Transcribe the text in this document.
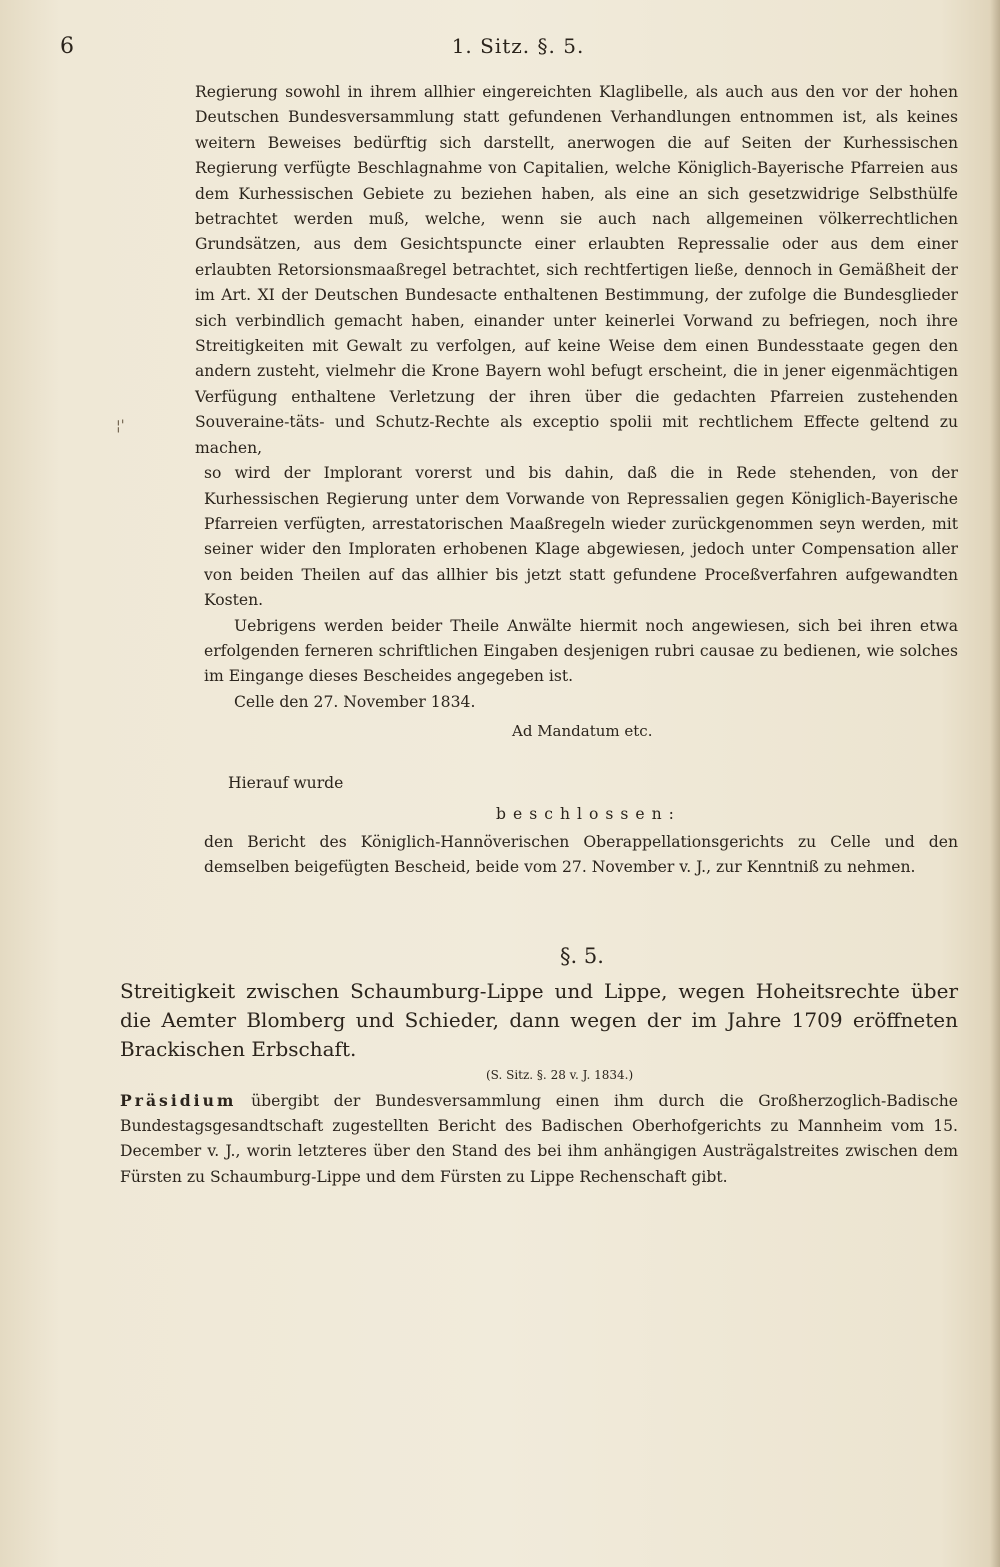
6	1. Sitz. §. 5.
¦'

Regierung sowohl in ihrem allhier eingereichten Klaglibelle, als auch aus den vor der hohen Deutschen Bundesversammlung statt gefundenen Verhandlungen entnommen ist, als keines weitern Beweises bedürftig sich darstellt, anerwogen die auf Seiten der Kurhessischen Regierung verfügte Beschlagnahme von Capitalien, welche Königlich-Bayerische Pfarreien aus dem Kurhessischen Gebiete zu beziehen haben, als eine an sich gesetzwidrige Selbsthülfe betrachtet werden muß, welche, wenn sie auch nach allgemeinen völkerrechtlichen Grundsätzen, aus dem Gesichtspuncte einer erlaubten Repressalie oder aus dem einer erlaubten Retorsionsmaaßregel betrachtet, sich rechtfertigen ließe, dennoch in Gemäßheit der im Art. XI der Deutschen Bundesacte enthaltenen Bestimmung, der zufolge die Bundesglieder sich verbindlich gemacht haben, einander unter keinerlei Vorwand zu befriegen, noch ihre Streitigkeiten mit Gewalt zu verfolgen, auf keine Weise dem einen Bundesstaate gegen den andern zusteht, vielmehr die Krone Bayern wohl befugt erscheint, die in jener eigenmächtigen Verfügung enthaltene Verletzung der ihren über die gedachten Pfarreien zustehenden Souveraine-täts- und Schutz-Rechte als exceptio spolii mit rechtlichem Effecte geltend zu machen,

so wird der Implorant vorerst und bis dahin, daß die in Rede stehenden, von der Kurhessischen Regierung unter dem Vorwande von Repressalien gegen Königlich-Bayerische Pfarreien verfügten, arrestatorischen Maaßregeln wieder zurückgenommen seyn werden, mit seiner wider den Imploraten erhobenen Klage abgewiesen, jedoch unter Compensation aller von beiden Theilen auf das allhier bis jetzt statt gefundene Proceßverfahren aufgewandten Kosten.

Uebrigens werden beider Theile Anwälte hiermit noch angewiesen, sich bei ihren etwa erfolgenden ferneren schriftlichen Eingaben desjenigen rubri causae zu bedienen, wie solches im Eingange dieses Bescheides angegeben ist.

Celle den 27. November 1834.
Ad Mandatum etc.
Hierauf wurde
beschlossen:

den Bericht des Königlich-Hannöverischen Oberappellationsgerichts zu Celle und den demselben beigefügten Bescheid, beide vom 27. November v. J., zur Kenntniß zu nehmen.

§. 5.
Streitigkeit zwischen Schaumburg-Lippe und Lippe, wegen Hoheitsrechte über die Aemter Blomberg und Schieder, dann wegen der im Jahre 1709 eröffneten Brackischen Erbschaft.
(S. Sitz. §. 28 v. J. 1834.)

Präsidium übergibt der Bundesversammlung einen ihm durch die Großherzoglich-Badische Bundestagsgesandtschaft zugestellten Bericht des Badischen Oberhofgerichts zu Mannheim vom 15. December v. J., worin letzteres über den Stand des bei ihm anhängigen Austrägalstreites zwischen dem Fürsten zu Schaumburg-Lippe und dem Fürsten zu Lippe Rechenschaft gibt.
